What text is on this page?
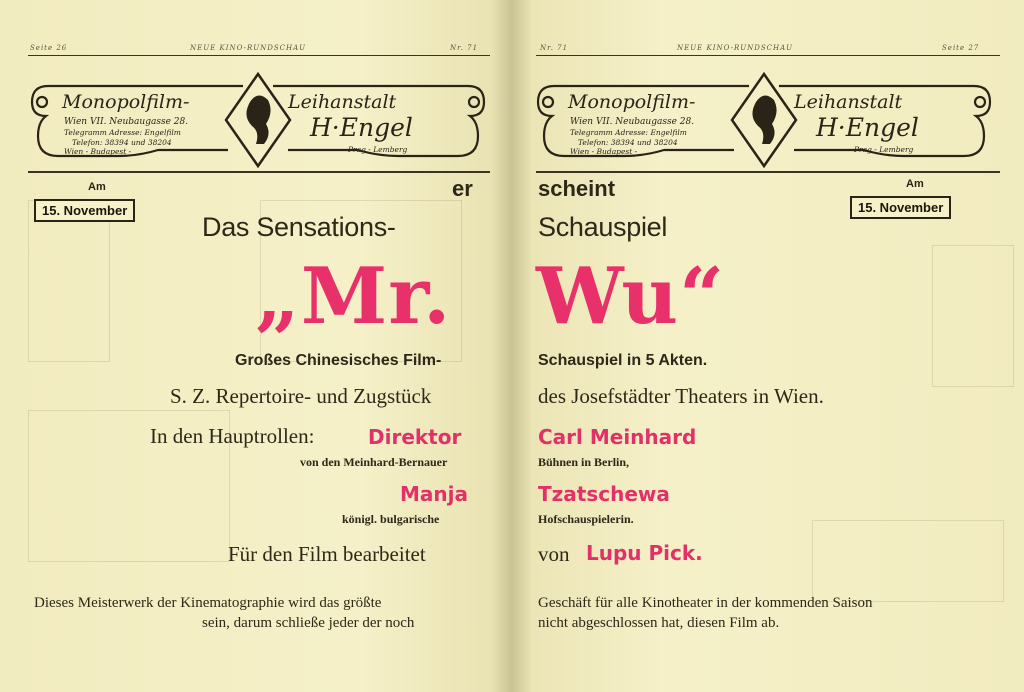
Seite 26	NEUE KINO-RUNDSCHAU	Nr. 71
Monopolfilm-	Leihanstalt
H·Engel
Wien VII. Neubaugasse 28.
Telegramm Adresse: Engelfilm
Telefon: 38394 und 38204
Wien - Budapest -	Prag - Lemberg
Am
15. November
er
Das Sensations-
„Mr.
Großes Chinesisches Film-
S. Z. Repertoire- und Zugstück
In den Hauptrollen:	Direktor
von den Meinhard-Bernauer
Manja
königl. bulgarische
Für den Film bearbeitet
Dieses Meisterwerk der Kinematographie wird das größte
sein, darum schließe jeder der noch
Nr. 71	NEUE KINO-RUNDSCHAU	Seite 27
Monopolfilm-	Leihanstalt
H·Engel
Wien VII. Neubaugasse 28.
Telegramm Adresse: Engelfilm
Telefon: 38394 und 38204
Wien - Budapest -	Prag - Lemberg
scheint	Am
15. November
Schauspiel
Wu“
Schauspiel in 5 Akten.
des Josefstädter Theaters in Wien.
Carl Meinhard
Bühnen in Berlin,
Tzatschewa
Hofschauspielerin.
von Lupu Pick.
Geschäft für alle Kinotheater in der kommenden Saison
nicht abgeschlossen hat, diesen Film ab.
